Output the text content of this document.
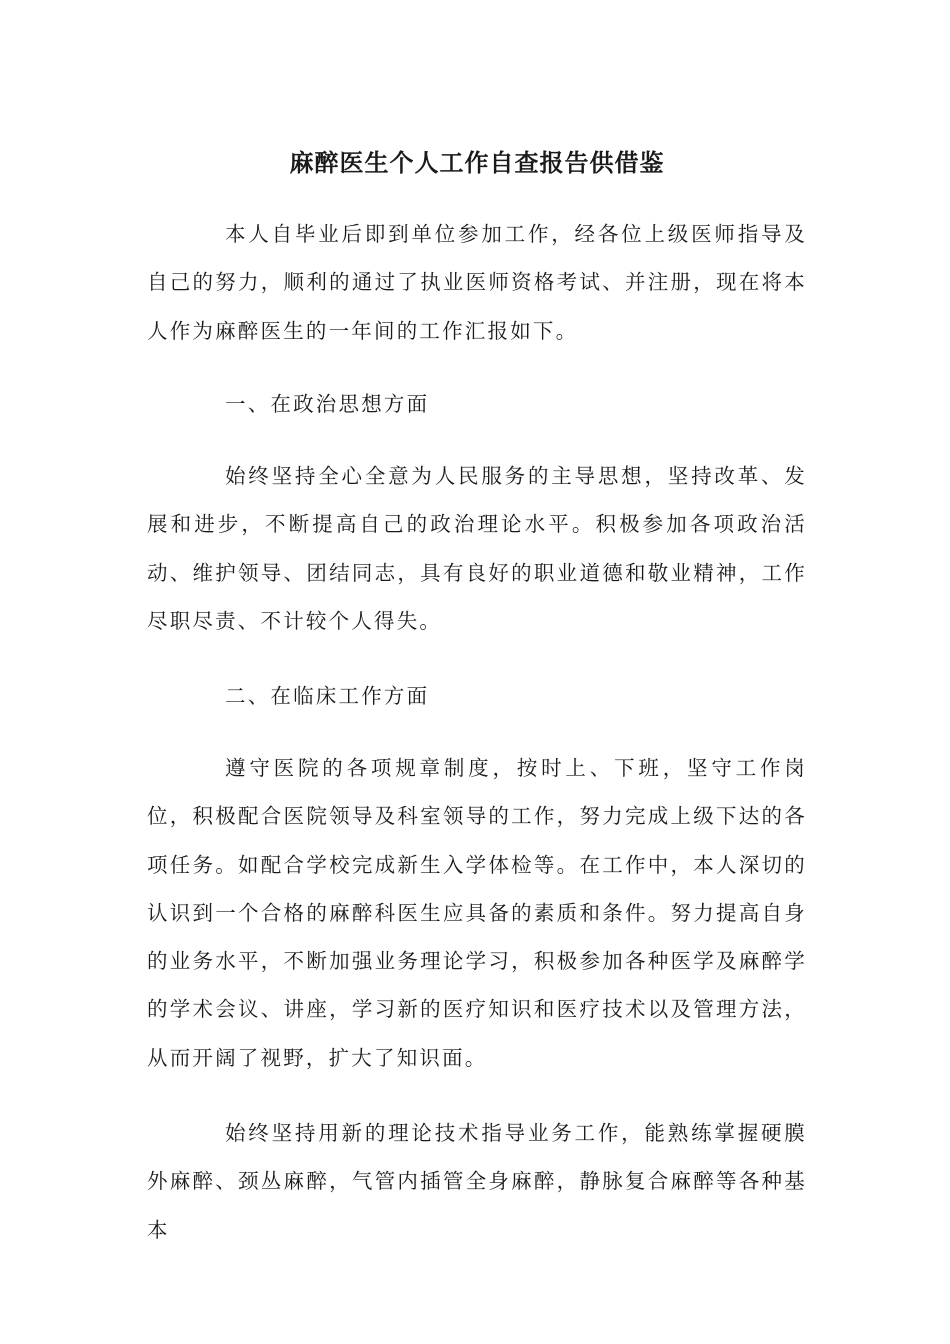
麻醉医生个人工作自查报告供借鉴

本人自毕业后即到单位参加工作，经各位上级医师指导及自己的努力，顺利的通过了执业医师资格考试、并注册，现在将本人作为麻醉医生的一年间的工作汇报如下。

一、在政治思想方面

始终坚持全心全意为人民服务的主导思想，坚持改革、发展和进步，不断提高自己的政治理论水平。积极参加各项政治活动、维护领导、团结同志，具有良好的职业道德和敬业精神，工作尽职尽责、不计较个人得失。

二、在临床工作方面

遵守医院的各项规章制度，按时上、下班，坚守工作岗位，积极配合医院领导及科室领导的工作，努力完成上级下达的各项任务。如配合学校完成新生入学体检等。在工作中，本人深切的认识到一个合格的麻醉科医生应具备的素质和条件。努力提高自身的业务水平，不断加强业务理论学习，积极参加各种医学及麻醉学的学术会议、讲座，学习新的医疗知识和医疗技术以及管理方法，从而开阔了视野，扩大了知识面。

始终坚持用新的理论技术指导业务工作，能熟练掌握硬膜外麻醉、颈丛麻醉，气管内插管全身麻醉，静脉复合麻醉等各种基本
